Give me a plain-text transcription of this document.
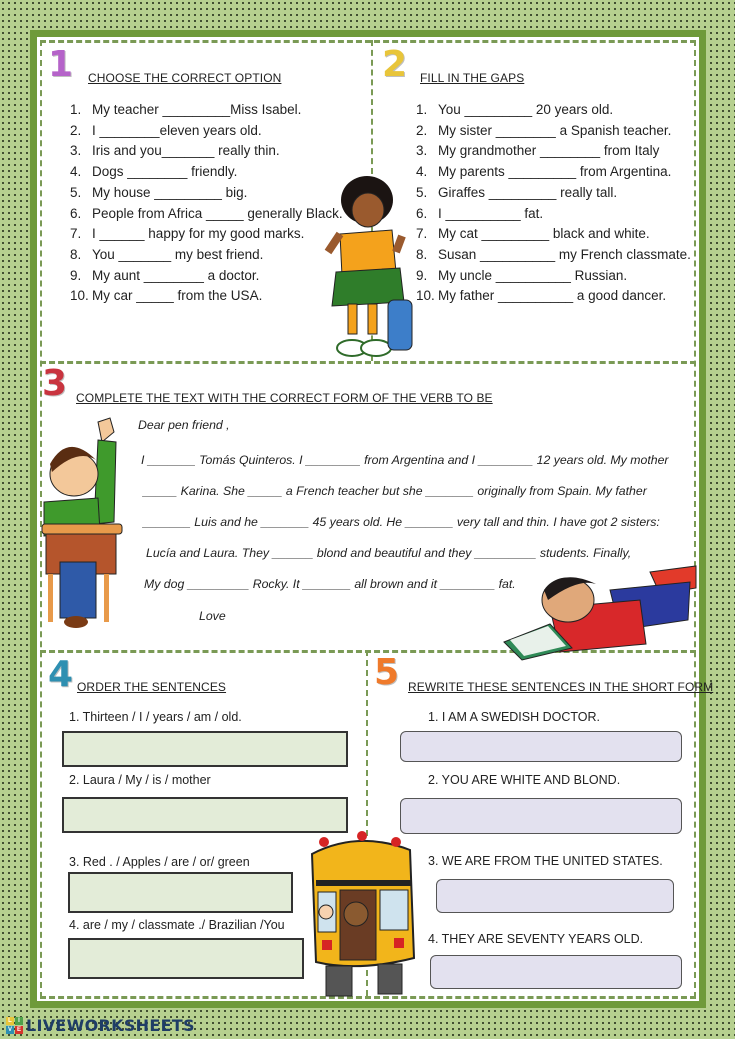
1 CHOOSE THE CORRECT OPTION
1. My teacher _________Miss Isabel.
2. I ________eleven years old.
3. Iris and you_______ really thin.
4. Dogs ________ friendly.
5. My house _________ big.
6. People from Africa _____ generally Black.
7. I ______ happy for my good marks.
8. You _______ my best friend.
9. My aunt ________ a doctor.
10. My car _____ from the USA.
2 FILL IN THE GAPS
1. You _________ 20 years old.
2. My sister ________ a Spanish teacher.
3. My grandmother ________ from Italy
4. My parents _________ from Argentina.
5. Giraffes _________ really tall.
6. I __________ fat.
7. My cat _________ black and white.
8. Susan __________ my French classmate.
9. My uncle __________ Russian.
10. My father __________ a good dancer.
3 COMPLETE THE TEXT WITH THE CORRECT FORM OF THE VERB TO BE

Dear pen friend ,

I _______ Tomás Quinteros. I ________ from Argentina and I ________ 12 years old. My mother

_____ Karina. She _____ a French teacher but she _______ originally from Spain. My father

_______ Luis and he _______ 45 years old. He _______ very tall and thin. I have got 2 sisters:

Lucía and Laura. They ______ blond and beautiful and they _________ students. Finally,

My dog _________ Rocky. It _______ all brown and it ________ fat.

Love

4 ORDER THE SENTENCES
1. Thirteen / I / years / am / old.
2. Laura / My / is / mother
3. Red . / Apples / are / or/ green
4. are / my / classmate ./ Brazilian /You
5 REWRITE THESE SENTENCES IN THE SHORT FORM
1. I AM A SWEDISH DOCTOR.
2. YOU ARE WHITE AND BLOND.
3. WE ARE FROM THE UNITED STATES.
4. THEY ARE SEVENTY YEARS OLD.
L	I
V E LIVEWORKSHEETS
